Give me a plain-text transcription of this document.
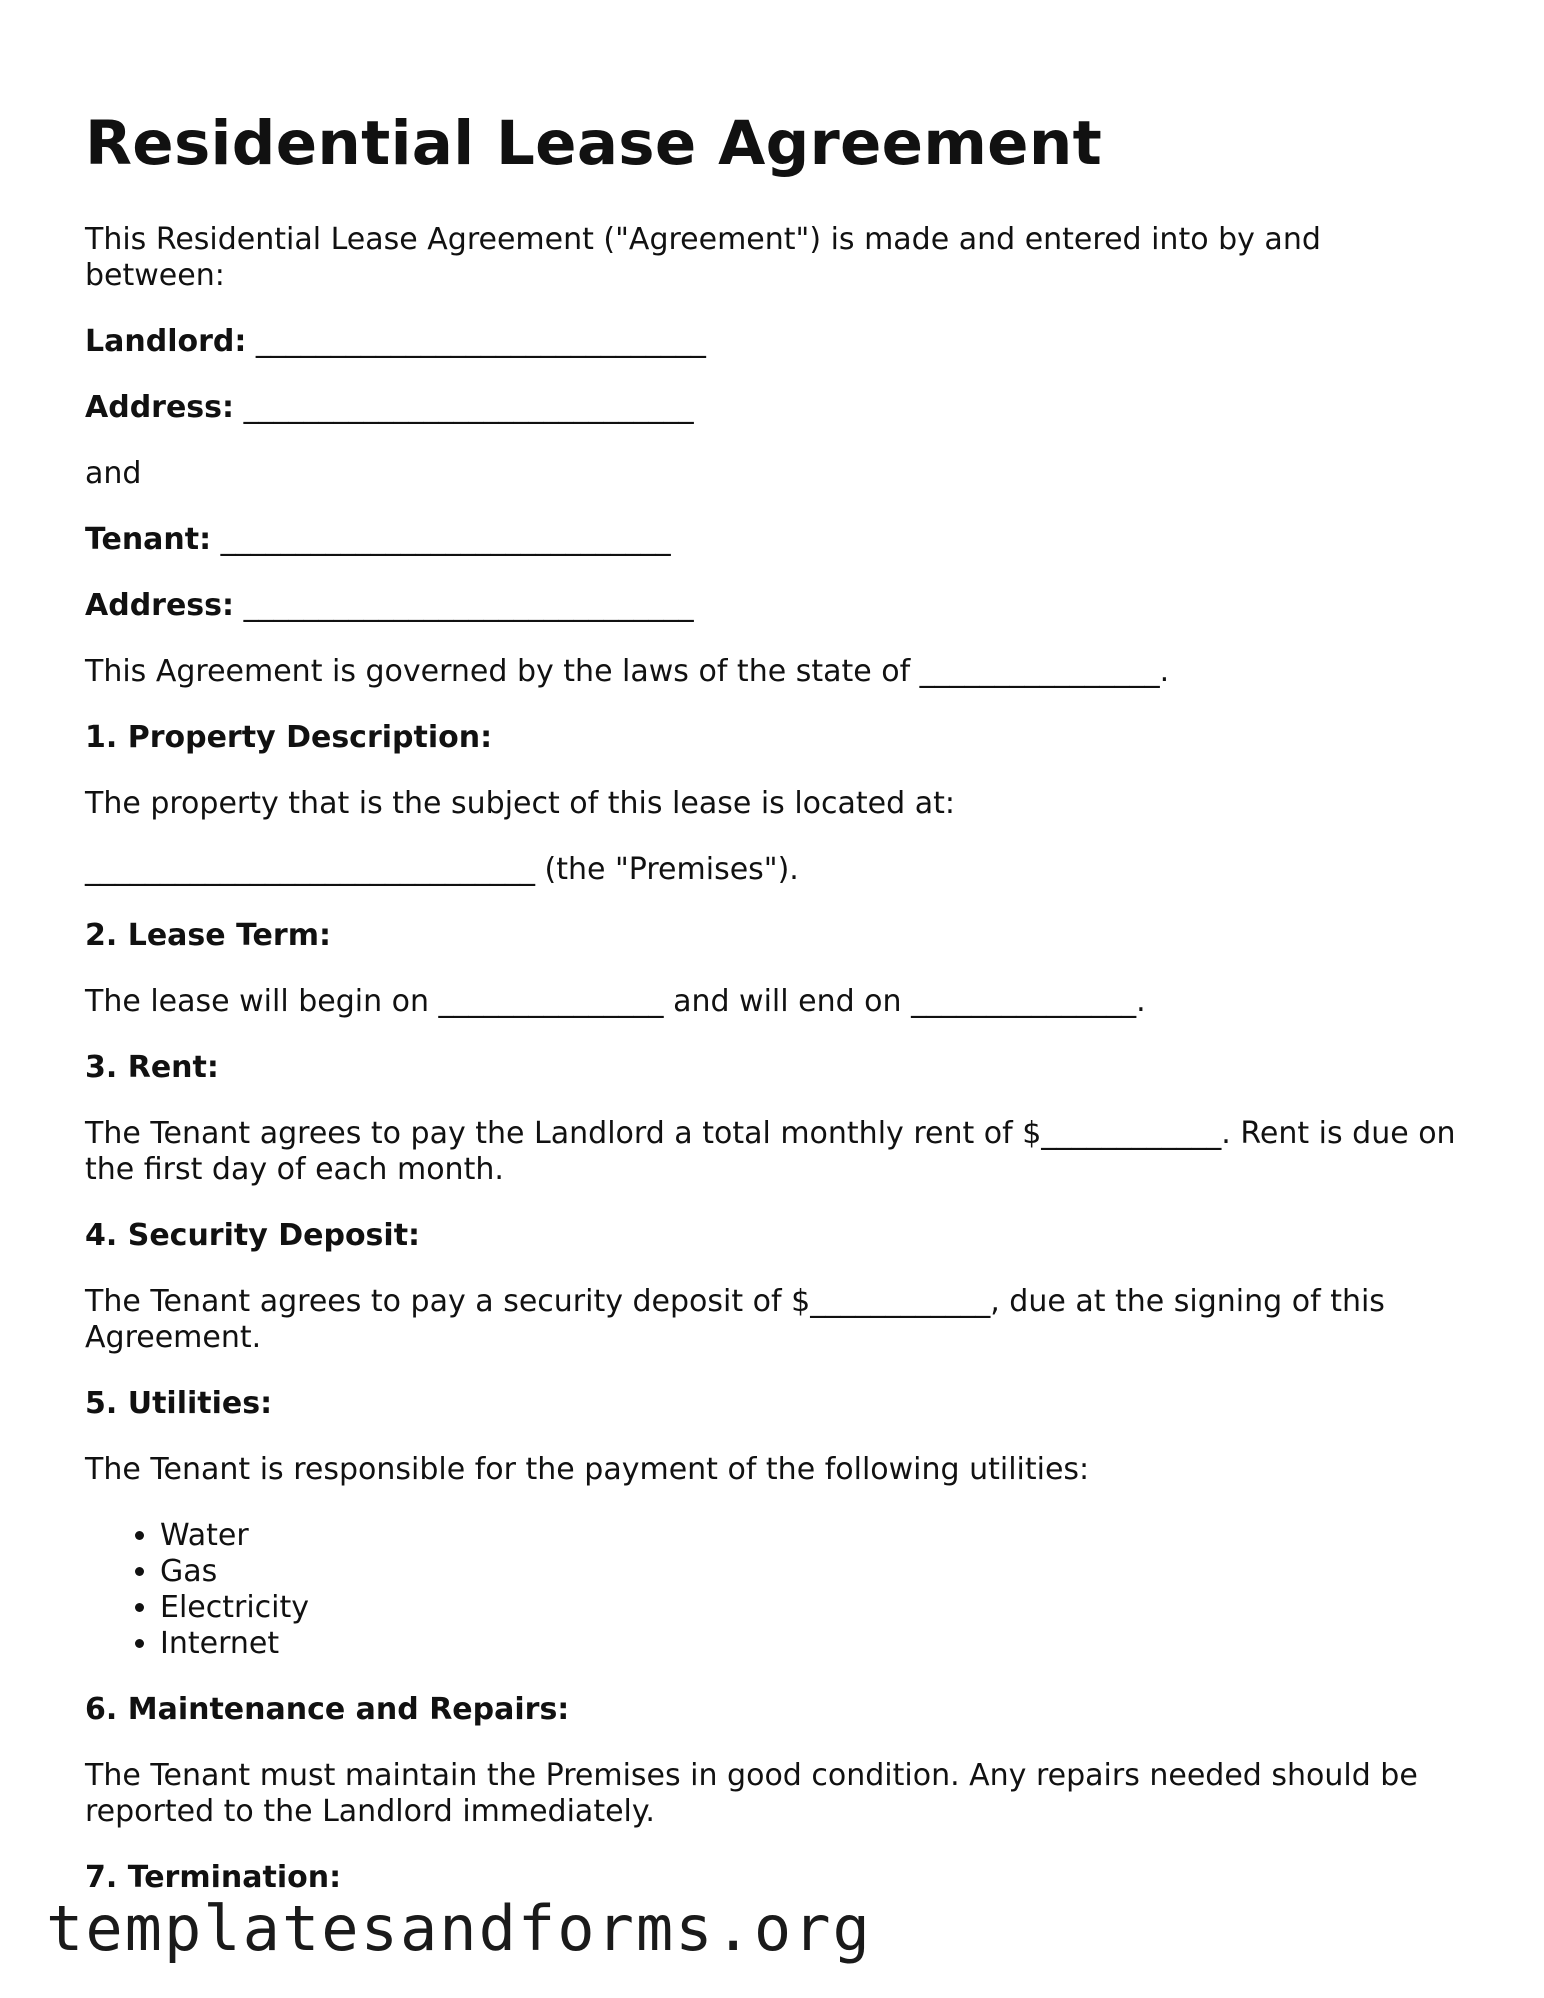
Residential Lease Agreement

This Residential Lease Agreement ("Agreement") is made and entered into by and between:

Landlord: ______________________________

Address: ______________________________

and

Tenant: ______________________________

Address: ______________________________

This Agreement is governed by the laws of the state of ________________.

1. Property Description:

The property that is the subject of this lease is located at:

______________________________ (the "Premises").

2. Lease Term:

The lease will begin on _______________ and will end on _______________.

3. Rent:

The Tenant agrees to pay the Landlord a total monthly rent of $____________. Rent is due on the first day of each month.

4. Security Deposit:

The Tenant agrees to pay a security deposit of $____________, due at the signing of this Agreement.

5. Utilities:

The Tenant is responsible for the payment of the following utilities:

• Water
• Gas
• Electricity
• Internet

6. Maintenance and Repairs:

The Tenant must maintain the Premises in good condition. Any repairs needed should be reported to the Landlord immediately.

7. Termination:

templatesandforms.org
